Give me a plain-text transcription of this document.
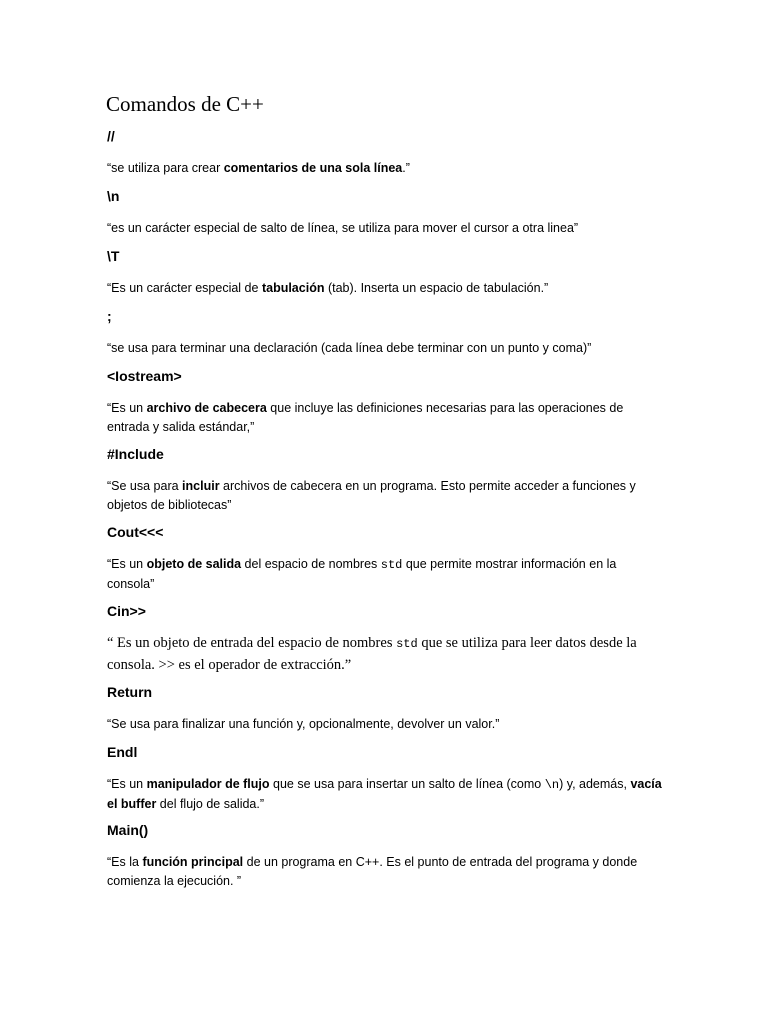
Comandos de C++
//

“se utiliza para crear comentarios de una sola línea.”

\n

“es un carácter especial de salto de línea, se utiliza para mover el cursor a otra linea”

\T

“Es un carácter especial de tabulación (tab). Inserta un espacio de tabulación.”

;

“se usa para terminar una declaración (cada línea debe terminar con un punto y coma)”

<Iostream>

“Es un archivo de cabecera que incluye las definiciones necesarias para las operaciones de entrada y salida estándar,”

#Include

“Se usa para incluir archivos de cabecera en un programa. Esto permite acceder a funciones y objetos de bibliotecas”

Cout<<<

“Es un objeto de salida del espacio de nombres std que permite mostrar información en la consola”

Cin>>

“ Es un objeto de entrada del espacio de nombres std que se utiliza para leer datos desde la consola. >> es el operador de extracción.”

Return

“Se usa para finalizar una función y, opcionalmente, devolver un valor.”

Endl

“Es un manipulador de flujo que se usa para insertar un salto de línea (como \n) y, además, vacía el buffer del flujo de salida.”

Main()

“Es la función principal de un programa en C++. Es el punto de entrada del programa y donde comienza la ejecución. ”
